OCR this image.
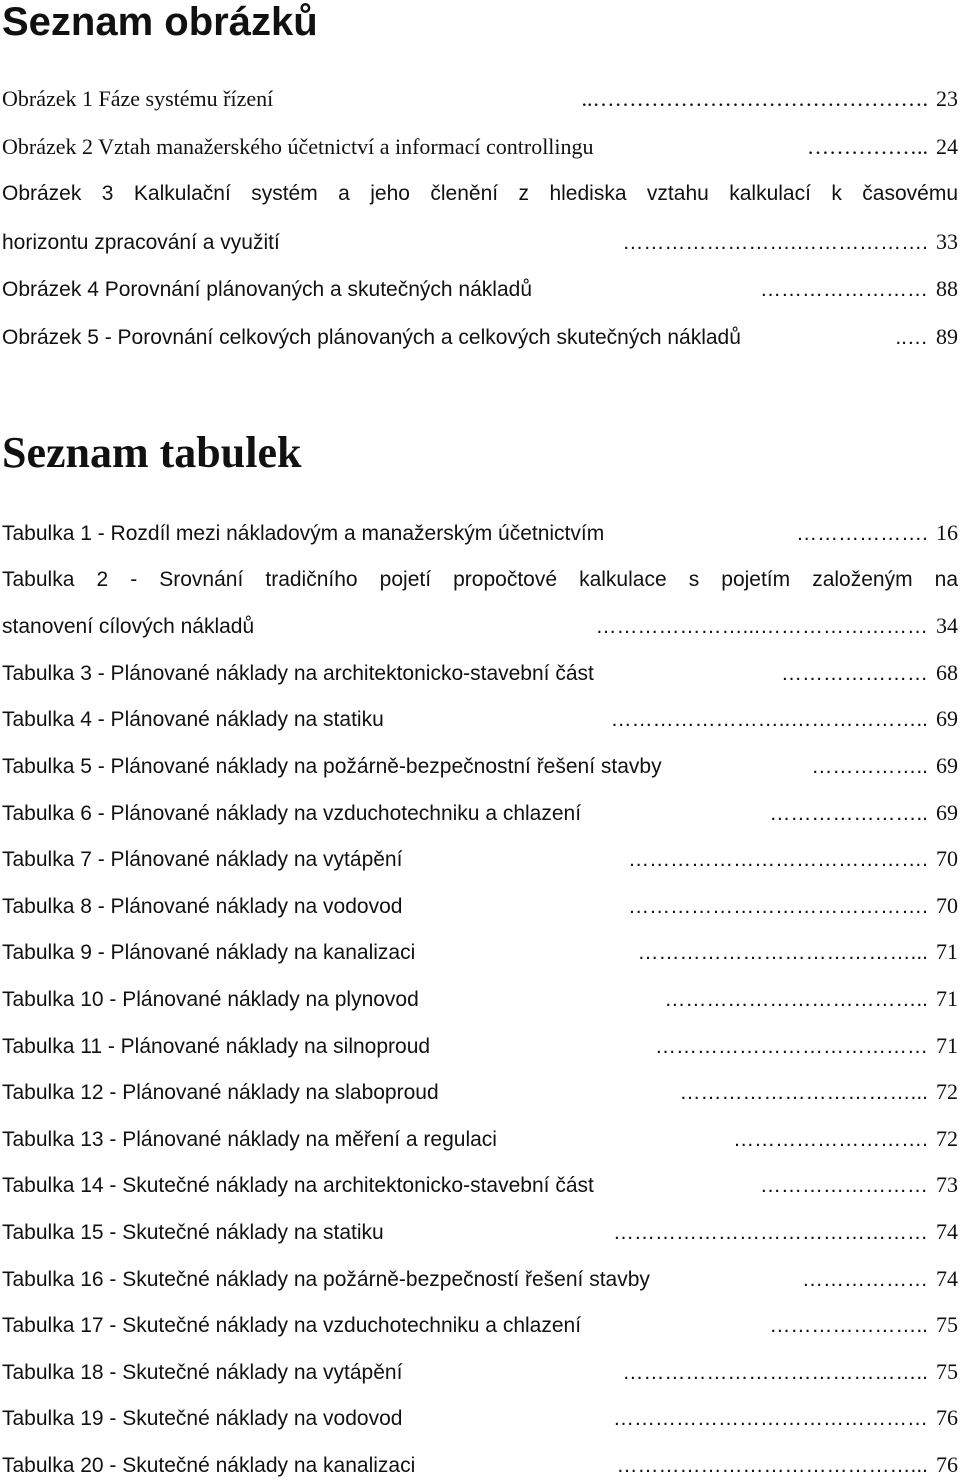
Seznam obrázků
Obrázek 1 Fáze systému řízení	..………………………………………. 23
Obrázek 2 Vztah manažerského účetnictví a informací controllingu	…………….. 24
Obrázek 3 Kalkulační systém a jeho členění z hlediska vztahu kalkulací k časovému
horizontu zpracování a využití	…………………….………………. 33
Obrázek 4 Porovnání plánovaných a skutečných nákladů	…………………… 88
Obrázek 5 - Porovnání celkových plánovaných a celkových skutečných nákladů	..… 89
Seznam tabulek
Tabulka 1 - Rozdíl mezi nákladovým a manažerským účetnictvím	………………. 16
Tabulka 2 - Srovnání tradičního pojetí propočtové kalkulace s pojetím založeným na
stanovení cílových nákladů	…………………...…………………… 34
Tabulka 3 - Plánované náklady na architektonicko-stavební část	………………… 68
Tabulka 4 - Plánované náklady na statiku	……………………..……………….. 69
Tabulka 5 - Plánované náklady na požárně-bezpečnostní řešení stavby	…………….. 69
Tabulka 6 - Plánované náklady na vzduchotechniku a chlazení	………………….. 69
Tabulka 7 - Plánované náklady na vytápění	……………………………………. 70
Tabulka 8 - Plánované náklady na vodovod	……………………………………. 70
Tabulka 9 - Plánované náklady na kanalizaci	…………………………………... 71
Tabulka 10 - Plánované náklady na plynovod	……………………………….. 71
Tabulka 11 - Plánované náklady na silnoproud	………………………………… 71
Tabulka 12 - Plánované náklady na slaboproud	……………………………... 72
Tabulka 13 - Plánované náklady na měření a regulaci	………………………. 72
Tabulka 14 - Skutečné náklady na architektonicko-stavební část	…………………… 73
Tabulka 15 - Skutečné náklady na statiku	……………………………………… 74
Tabulka 16 - Skutečné náklady na požárně-bezpečností řešení stavby	……………… 74
Tabulka 17 - Skutečné náklady na vzduchotechniku a chlazení	………………….. 75
Tabulka 18 - Skutečné náklady na vytápění	…………………………………….. 75
Tabulka 19 - Skutečné náklady na vodovod	……………………………………… 76
Tabulka 20 - Skutečné náklady na kanalizaci	……………………………………... 76
